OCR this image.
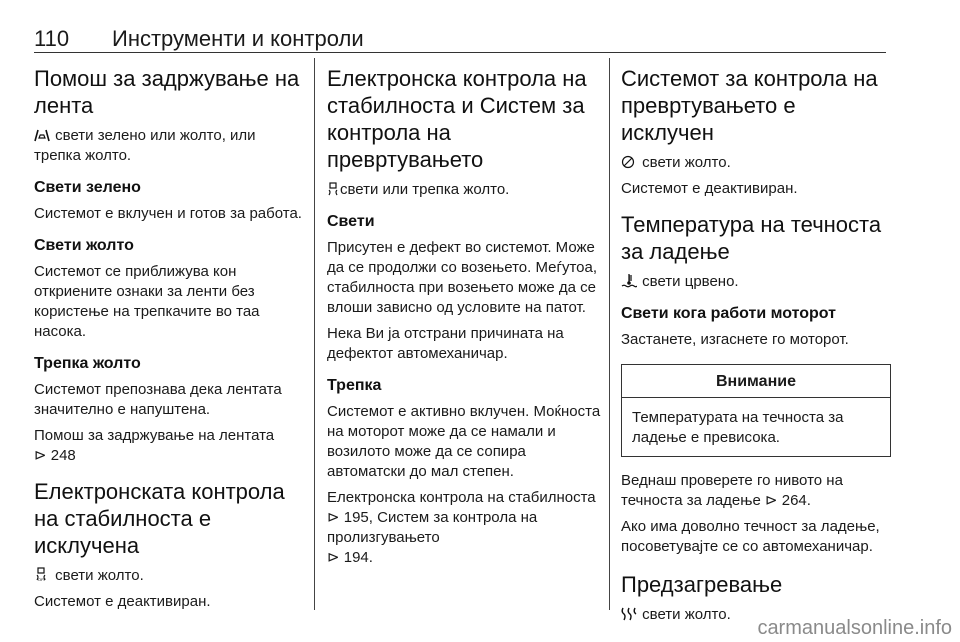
110 Инструменти и контроли
Помош за задржување на лента

свети зелено или жолто, или трепка жолто.

Свети зелено

Системот е вклучен и готов за работа.

Свети жолто

Системот се приближува кон откриените ознаки за ленти без користење на трепкачите во таа насока.

Трепка жолто

Системот препознава дека лентата значително е напуштена.

Помош за задржување на лентата
⊳ 248

Електронската контрола на стабилноста е исклучена

OFF свети жолто.

Системот е деактивиран.

Електронска контрола на стабилноста и Систем за контрола на превртувањето

свети или трепка жолто.

Свети

Присутен е дефект во системот. Може да се продолжи со возењето. Меѓутоа, стабилноста при возењето може да се влоши зависно од условите на патот.

Нека Ви ја отстрани причината на дефектот автомеханичар.

Трепка

Системот е активно вклучен. Моќноста на моторот може да се намали и возилото може да се сопира автоматски до мал степен.

Електронска контрола на стабилноста
⊳ 195, Систем за контрола на пролизгувањето
⊳ 194.

Системот за контрола на превртувањето е исклучен

свети жолто.

Системот е деактивиран.

Температура на течноста за ладење

свети црвено.

Свети кога работи моторот

Застанете, изгаснете го моторот.

Внимание

Температурата на течноста за ладење е превисока.

Веднаш проверете го нивото на течноста за ладење ⊳ 264.

Ако има доволно течност за ладење, посоветувајте се со автомеханичар.

Предзагревање

свети жолто.

carmanualsonline.info
